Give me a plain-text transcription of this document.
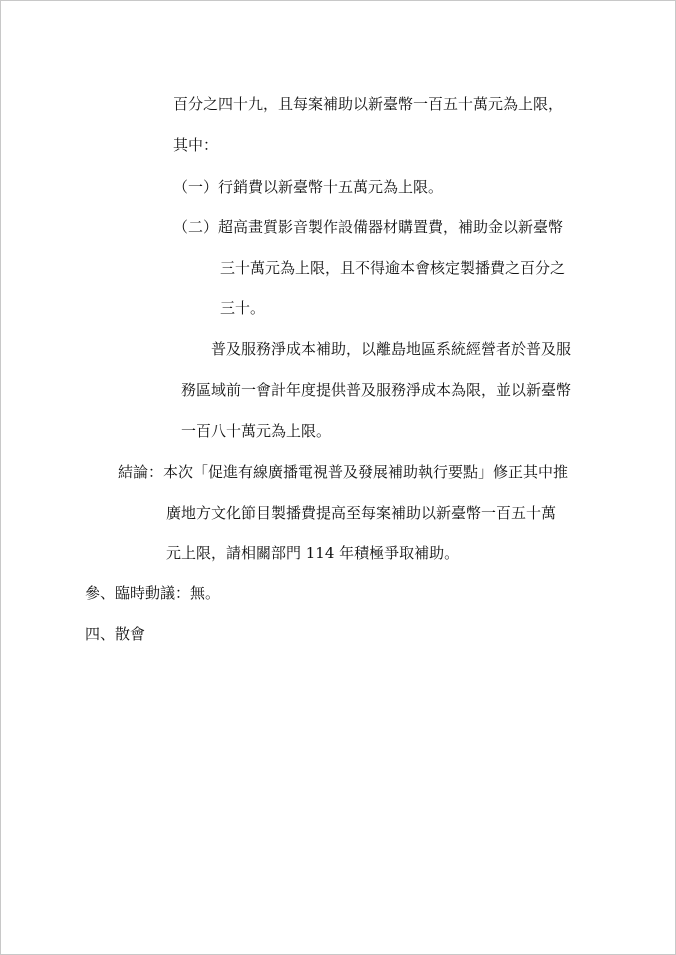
百分之四十九，且每案補助以新臺幣一百五十萬元為上限，
其中：
（一）行銷費以新臺幣十五萬元為上限。
（二）超高畫質影音製作設備器材購置費，補助金以新臺幣
三十萬元為上限，且不得逾本會核定製播費之百分之
三十。
普及服務淨成本補助，以離島地區系統經營者於普及服
務區域前一會計年度提供普及服務淨成本為限，並以新臺幣
一百八十萬元為上限。
結論：本次「促進有線廣播電視普及發展補助執行要點」修正其中推
廣地方文化節目製播費提高至每案補助以新臺幣一百五十萬
元上限，請相關部門 114 年積極爭取補助。
參、臨時動議：無。
四、散會
